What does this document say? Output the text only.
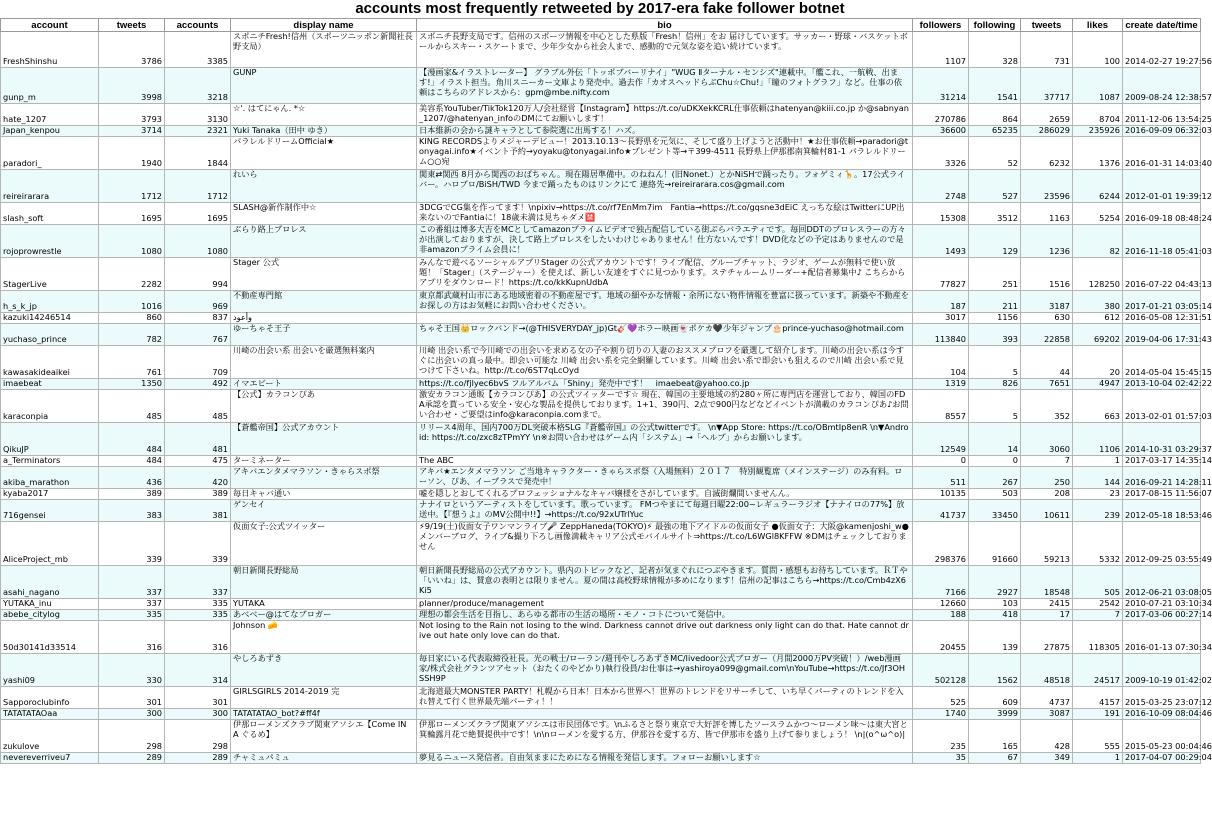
accounts most frequently retweeted by 2017-era fake follower botnet
account	tweets	accounts	display name	bio	followers	following	tweets	likes	create date/time
FreshShinshu	3786	3385	スポニチFresh!信州（スポーツニッポン新聞社長野支局）	スポニチ長野支局です。信州のスポーツ情報を中心とした県版「Fresh！信州」をお 届けしています。サッカー・野球・バスケットボールからスキー・スケートまで、少年少女から社会人まで、感動的で元気な姿を追い続けています。	1107	328	731	100	2014-02-27 19:27:56
gunp_m	3998	3218	GUNP	【漫画家&イラストレーター】 グラブル外伝「トッポブバーリナイ」"WUG Ⅱターナル・センシズ"連載中。「艦これ、一航戦、出ます!」イラスト担当。角川スニーカー文庫より発売中。過去作「カオスヘッドらぶChu☆Chu!」「瞳のフォトグラフ」など。仕事の依頼はこちらのアドレスから：gpm@mbe.nifty.com	31214	1541	37717	1087	2009-08-24 12:38:57
hate_1207	3793	3130	☆'. はてにゃん. *☆	美容系YouTuber/TikTok120万人/会社経営【Instagram】https://t.co/uDKXekKCRL仕事依頼はhatenyan@kiii.co.jp か@sabnyan_1207/@hatenyan_infoのDMにてお願いします！	270786	864	2659	8704	2011-12-06 13:54:25
Japan_kenpou	3714	2321	Yuki Tanaka（田中 ゆき）	日本維新の会から謎キャラとして参院選に出馬する！ハズ。	36600	65235	286029	235926	2016-09-09 06:32:03
paradori_	1940	1844	パラレルドリームOfficial★	KING RECORDSよりメジャーデビュー！2013.10.13～長野県を元気に、そして盛り上げようと活動中！★お仕事依頼→paradori@tonyagai.info★イベント予約→yoyaku@tonyagai.info★プレゼント等→〒399-4511 長野県上伊那郡南箕輪村81-1 パラレルドリーム○○宛	3326	52	6232	1376	2016-01-31 14:03:40
reireirarara	1712	1712	れいら	関東⇄関西 8月から関西のおばちゃん。現在陽居準備中。のねねん！(旧Nonet.）とかNiSHで踊ったり。フォゲミィ🦒。17公式ライバー。ハロプロ/BiSH/TWD 今まで踊ったものはリンクにて 連絡先→reireirarara.cos@gmail.com	2748	527	23596	6244	2012-01-01 19:39:12
slash_soft	1695	1695	SLASH@新作制作中☆	3DCGでCG集を作ってます！\npixiv→https://t.co/rf7EnMm7im　Fantia→https://t.co/gqsne3dEiC えっちな絵はTwitterにUP出来ないのでFantiaに！18歳未満は見ちゃダメ🈲	15308	3512	1163	5254	2016-09-18 08:48:24
rojoprowrestle	1080	1080	ぶらり路上プロレス	この番組は博多大吉をMCとしてamazonプライムビデオで独占配信している街ぶらバラエティです。毎回DDTのプロレスラーの方々が出演しておりますが、決して路上プロレスをしたいわけじゃありません！仕方ないんです！DVD化などの予定はありませんので是非amazonプライム会員に！	1493	129	1236	82	2016-11-18 05:41:03
StagerLive	2282	994	Stager 公式	みんなで遊べるソーシャルアプリStager の公式アカウントです！ライブ配信、グループチャット、ラジオ、ゲームが無料で使い放題！「Stager」（ステージャー）を使えば、新しい友達をすぐに見つかります。ステチャルームリーダー+配信者募集中♪ こちらからアプリをダウンロード！https://t.co/kkKupnUdbA	77827	251	1516	128250	2016-07-22 04:43:13
h_s_k_jp	1016	969	不動産専門館	東京都武蔵村山市にある地域密着の不動産屋です。地域の細やかな情報・余所にない物件情報を豊富に扱っています。新築や不動産をお探しの方はお気軽にお問い合わせください。	187	211	3187	380	2017-01-21 03:05:14
kazuki14246514	860	837	وأعود		3017	1156	630	612	2016-05-08 12:31:51
yuchaso_prince	782	767	ゆーちゃそ王子	ちゃそ王国👑ロックバンド→(@THISVERYDAY_jp)Gt🎸💜ホラー映画👻ポケカ🖤少年ジャンプ🎂prince-yuchaso@hotmail.com	113840	393	22858	69202	2019-04-06 17:31:43
kawasakideaikei	761	709	川崎の出会い系 出会いを厳選無料案内	川崎 出会い系で今川崎での出会いを求める女の子や割り切りの人妻のおススメプロフを厳選して紹介します。川崎の出会い系は今すぐに出会いの真っ最中。即会い可能な 川崎 出会い系を完全網羅しています。川崎 出会い系で即会いも狙えるので川崎 出会い系で見つけて下さいね。http://t.co/6ST7qLcOyd	104	5	44	20	2014-05-04 15:45:15
imaebeat	1350	492	イマエビート	https://t.co/fjlyec6bvS フルアルバム「Shiny」発売中です！　imaebeat@yahoo.co.jp	1319	826	7651	4947	2013-10-04 02:42:22
karaconpia	485	485	【公式】カラコンぴあ	激安カラコン通販【カラコンぴあ】の公式ツイッターです☆ 現在、韓国の主要地域の約280ヶ所に専門店を運営しており、韓国のFDA承認を貰っている安全・安心な製品を提供しております。1+1、390円、2点で900円などなどイベントが満載のカラコンぴあ♪お問い合わせ・ご要望はinfo@karaconpia.comまで。	8557	5	352	663	2013-02-01 01:57:03
QikuJP	484	481	【蒼艦帝国】公式アカウント	リリース4周年、国内700万DL突破本格SLG『蒼艦帝国』の公式twitterです。 \n▼App Store: https://t.co/OBmtIp8enR \n▼Android: https://t.co/zxc8zTPmYY \n※お問い合わせはゲーム内「システム」→「ヘルプ」からお願いします。	12549	14	3060	1106	2014-10-31 03:29:37
a_Terminators	484	475	ターミネーター	The ABC	0	0	7	1	2017-03-17 14:35:14
akiba_marathon	436	420	アキバエンタメマラソン・きゃらスポ祭	アキバ★エンタメマラソン ご当地キャラクター・きゃらスポ祭（入場無料）２０１７　特別観覧席（メインステージ）のみ有料。ローソン、ぴあ、イープラスで発売中！	511	267	250	144	2016-09-21 14:28:11
kyaba2017	389	389	毎日キャバ通い	嘘を隠しとおしてくれるプロフェッショナルなキャバ嬢様をさがしています。自滅街爛間いませんん。	10135	503	208	23	2017-08-15 11:56:07
716gensei	383	381	ゲンセイ	ナナイロというアーティストをしています。歌っています。 FMつやまにて毎週日曜22:00~レギュラーラジオ【ナナイロの77%】放送中。【『想うよ』のMV公開中!!】→https://t.co/92xUTrlYuc	41737	33450	10611	239	2012-05-18 18:53:46
AliceProject_mb	339	339	仮面女子:公式ツイッター	⚡9/19(土)仮面女子ワンマンライブ🎤 ZeppHaneda(TOKYO)⚡ 最強の地下アイドルの仮面女子 ●仮面女子：大阪@kamenjoshi_w●メンバーブログ、ライブ&撮り下ろし画像満載キャリア公式モバイルサイト⇒https://t.co/L6WGl8KFFW ※DMはチェックしておりません	298376	91660	59213	5332	2012-09-25 03:55:49
asahi_nagano	337	337	朝日新聞長野総局	朝日新聞長野総局の公式アカウント。県内のトピックなど、記者が気まぐれにつぶやきます。質問・感想もお待ちしています。ＲＴや「いいね」は、賛意の表明とは限りません。夏の間は高校野球情報が多めになります！信州の記事はこちら→https://t.co/Cmb4zX6Ki5	7166	2927	18548	505	2012-06-21 03:08:05
YUTAKA_inu	337	335	YUTAKA	planner/produce/management	12660	103	2415	2542	2010-07-21 03:10:34
abebe_citylog	335	335	あべべー@はてなブロガー	理想の都会生活を目指し、あらゆる都市の生活の場所・モノ・コトについて発信中。	188	418	17	7	2017-03-06 00:27:14
50d30141d33514	316	316	Johnson 🧀	Not losing to the Rain not losing to the wind. Darkness cannot drive out darkness only light can do that. Hate cannot drive out hate only love can do that.	20455	139	27875	118305	2016-01-13 07:30:34
yashi09	330	314	やしろあずき	毎日家にいる代表取締役社長。光の戦士/ローラン/週刊やしろあずきMC/livedoor公式ブロガー（月間2000万PV突破！）/web漫画家/株式会社グランツアセット（おたくのやどかり)執行役員/お仕事は→yashiroya099@gmail.com\nYouTube→https://t.co/Jf3OHSSH9P	502128	1562	48518	24517	2009-10-19 01:42:02
Sapporoclubinfo	301	301	GIRLSGIRLS 2014-2019 完	北海道最大MONSTER PARTY！札幌から日本！日本から世界へ！世界のトレンドをリサーチして、いち早くパーティのトレンドを入れ替えて行く世界最先端パーティ！！	525	609	4737	4157	2015-03-25 23:07:12
TATATATAOaa	300	300	TATATATAO_bot?#ff4f		1740	3999	3087	191	2016-10-09 08:04:46
zukulove	298	298	伊那ローメンズクラブ関東アソシエ【Come IN A ぐるめ】	伊那ローメンズクラブ関東アソシエは市民団体です。\nふるさと祭り東京で大好評を博したソースラムかつ～ローメン味～は東大宮と箕輪露月花で絶賛提供中です！\n\nローメンを愛する方、伊那谷を愛する方、皆で伊那市を盛り上げて参りましょう！ \n|(о^ω^о)|	235	165	428	555	2015-05-23 00:04:46
nevereverriveu7	289	289	チャミュパミュ	夢見るニュース発信者。自由気ままにためになる情報を発信します。フォローお願いします☆	35	67	349	1	2017-04-07 00:29:04
